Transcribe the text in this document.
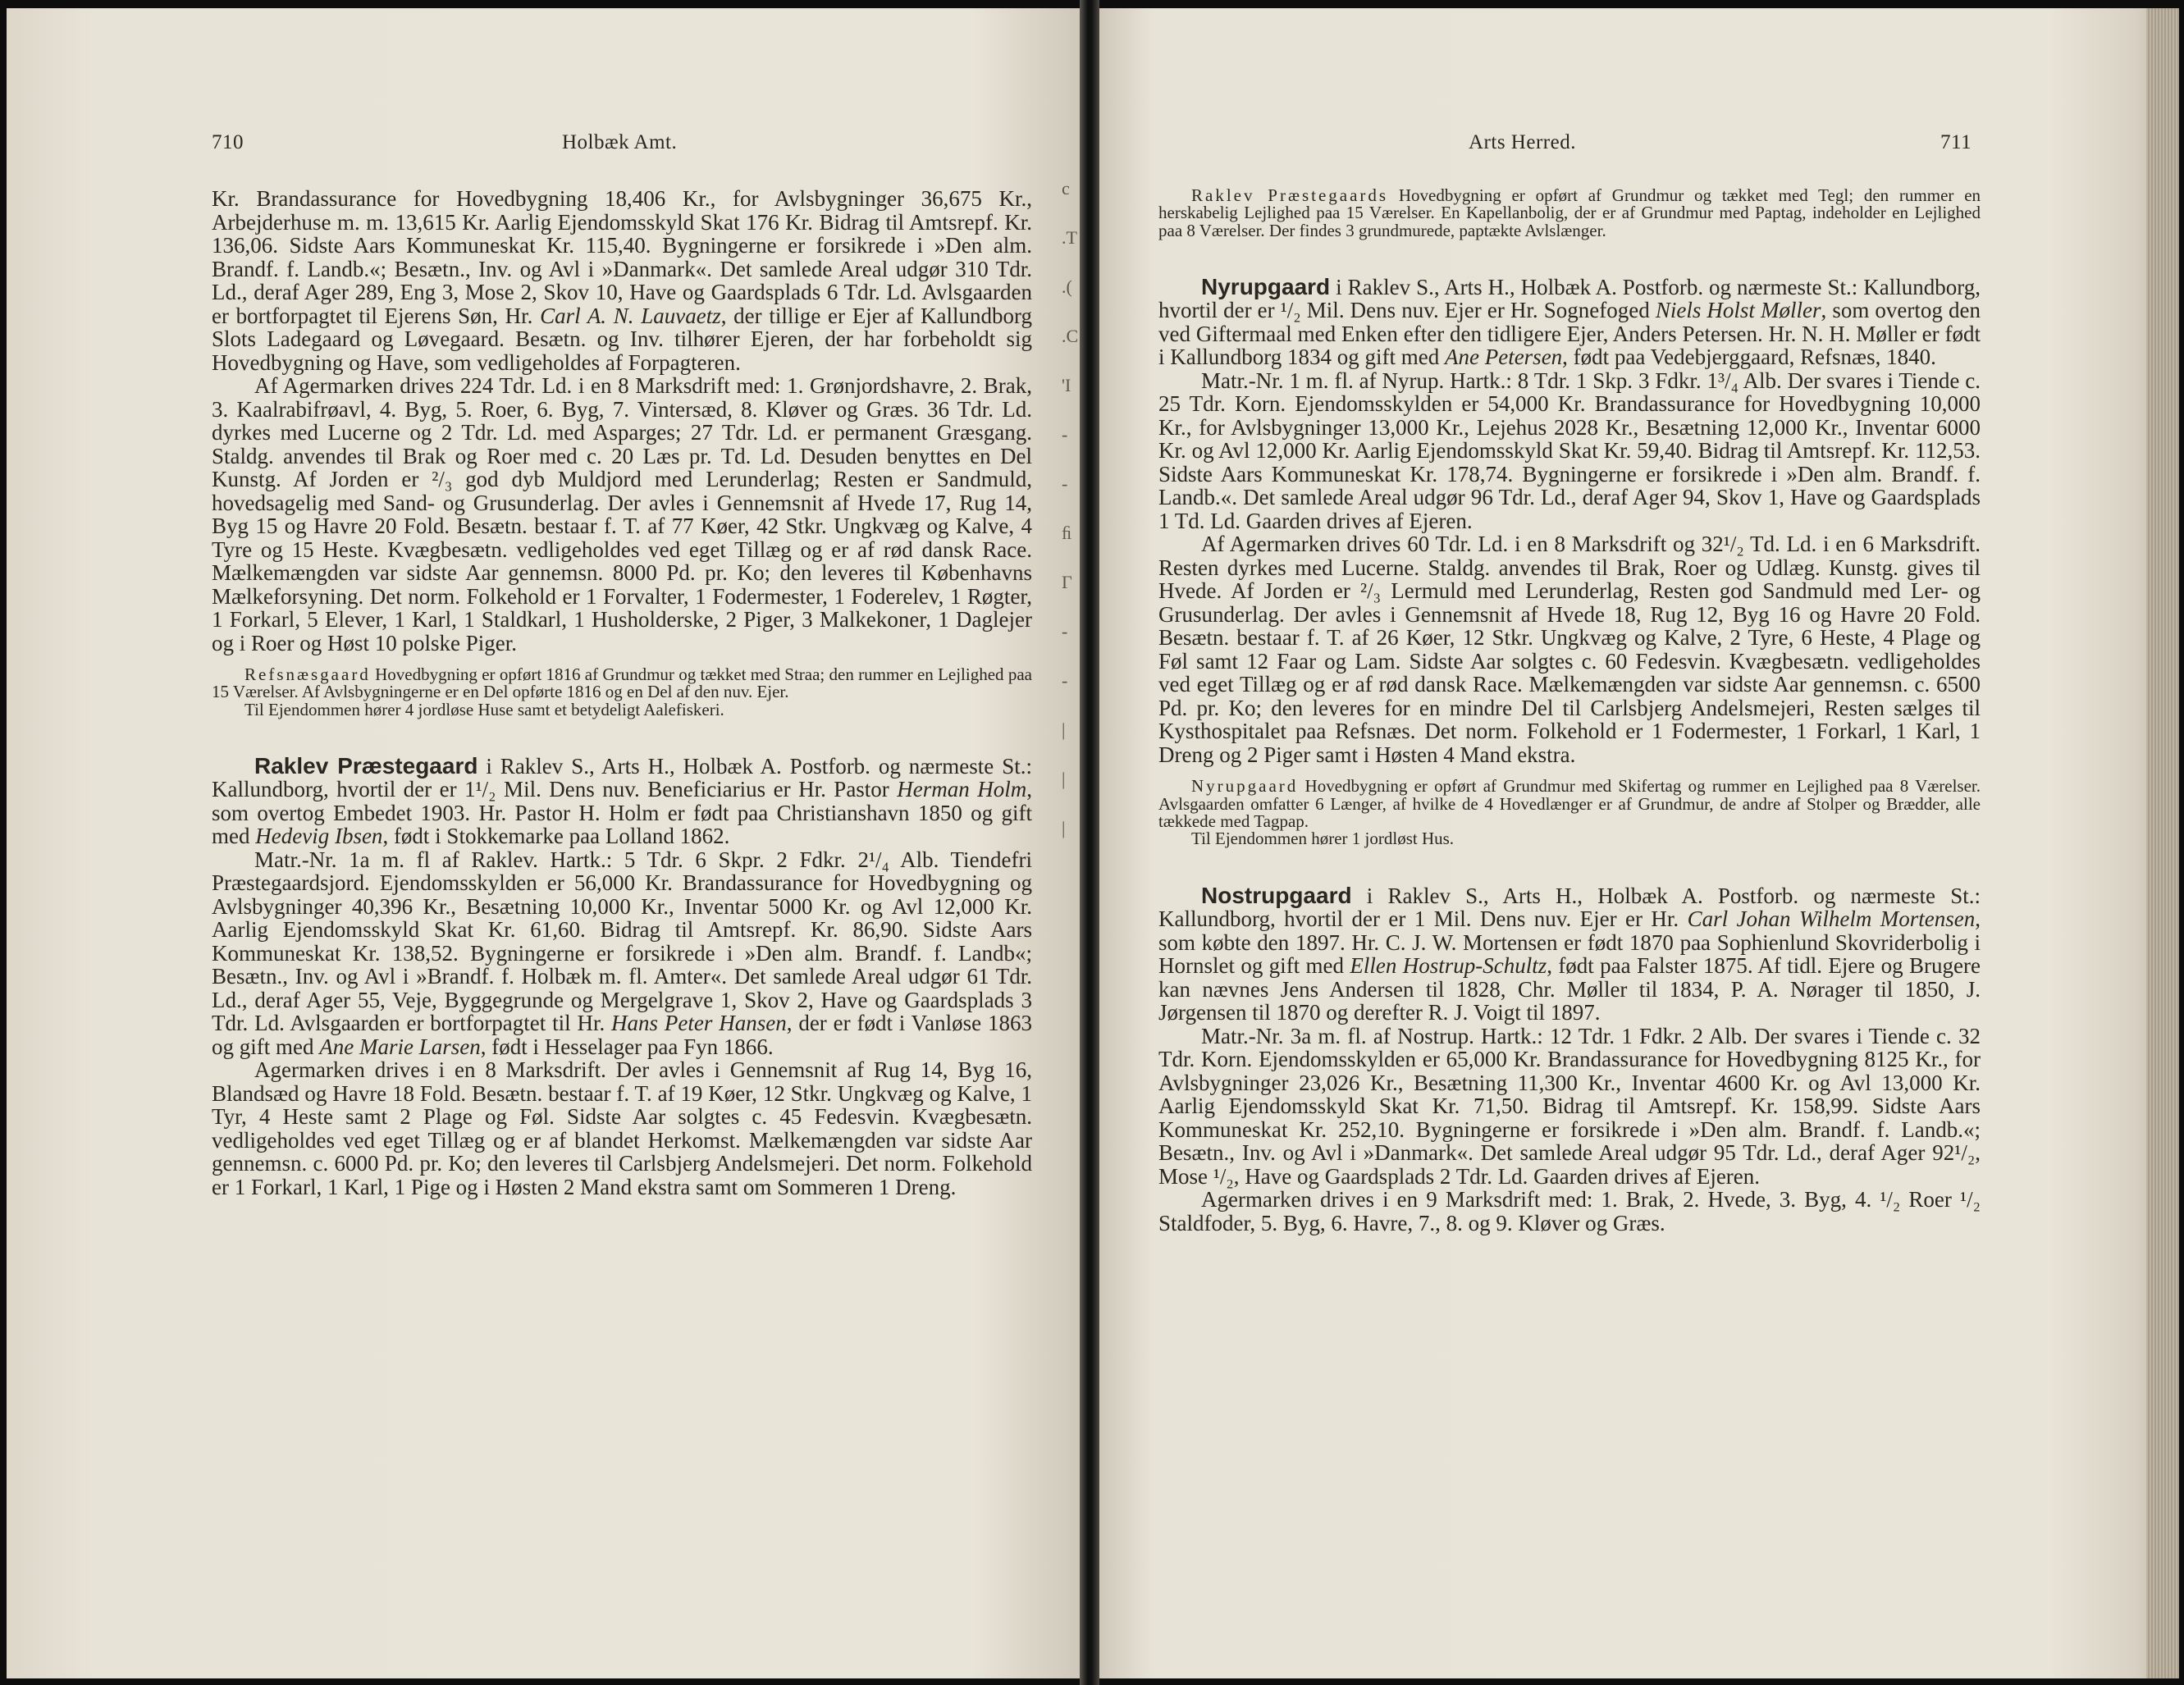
710	Holbæk Amt.

Kr. Brandassurance for Hovedbygning 18,406 Kr., for Avlsbygninger 36,675 Kr., Arbejderhuse m. m. 13,615 Kr. Aarlig Ejendomsskyld Skat 176 Kr. Bidrag til Amtsrepf. Kr. 136,06. Sidste Aars Kommuneskat Kr. 115,40. Bygningerne er forsikrede i »Den alm. Brandf. f. Landb.«; Besætn., Inv. og Avl i »Danmark«. Det samlede Areal udgør 310 Tdr. Ld., deraf Ager 289, Eng 3, Mose 2, Skov 10, Have og Gaardsplads 6 Tdr. Ld. Avlsgaarden er bortforpagtet til Ejerens Søn, Hr. Carl A. N. Lauvaetz, der tillige er Ejer af Kallundborg Slots Ladegaard og Løvegaard. Besætn. og Inv. tilhører Ejeren, der har forbeholdt sig Hovedbygning og Have, som vedligeholdes af Forpagteren.

Af Agermarken drives 224 Tdr. Ld. i en 8 Marksdrift med: 1. Grønjordshavre, 2. Brak, 3. Kaalrabifrøavl, 4. Byg, 5. Roer, 6. Byg, 7. Vintersæd, 8. Kløver og Græs. 36 Tdr. Ld. dyrkes med Lucerne og 2 Tdr. Ld. med Asparges; 27 Tdr. Ld. er permanent Græsgang. Staldg. anvendes til Brak og Roer med c. 20 Læs pr. Td. Ld. Desuden benyttes en Del Kunstg. Af Jorden er ²/₃ god dyb Muldjord med Lerunderlag; Resten er Sandmuld, hovedsagelig med Sand- og Grusunderlag. Der avles i Gennemsnit af Hvede 17, Rug 14, Byg 15 og Havre 20 Fold. Besætn. bestaar f. T. af 77 Køer, 42 Stkr. Ungkvæg og Kalve, 4 Tyre og 15 Heste. Kvægbesætn. vedligeholdes ved eget Tillæg og er af rød dansk Race. Mælkemængden var sidste Aar gennemsn. 8000 Pd. pr. Ko; den leveres til Københavns Mælkeforsyning. Det norm. Folkehold er 1 Forvalter, 1 Fodermester, 1 Foderelev, 1 Røgter, 1 Forkarl, 5 Elever, 1 Karl, 1 Staldkarl, 1 Husholderske, 2 Piger, 3 Malkekoner, 1 Daglejer og i Roer og Høst 10 polske Piger.

Refsnæsgaard Hovedbygning er opført 1816 af Grundmur og tækket med Straa; den rummer en Lejlighed paa 15 Værelser. Af Avlsbygningerne er en Del opførte 1816 og en Del af den nuv. Ejer.

Til Ejendommen hører 4 jordløse Huse samt et betydeligt Aalefiskeri.

Raklev Præstegaard i Raklev S., Arts H., Holbæk A. Postforb. og nærmeste St.: Kallundborg, hvortil der er 1¹/₂ Mil. Dens nuv. Beneficiarius er Hr. Pastor Herman Holm, som overtog Embedet 1903. Hr. Pastor H. Holm er født paa Christianshavn 1850 og gift med Hedevig Ibsen, født i Stokkemarke paa Lolland 1862.

Matr.-Nr. 1a m. fl af Raklev. Hartk.: 5 Tdr. 6 Skpr. 2 Fdkr. 2¹/₄ Alb. Tiendefri Præstegaardsjord. Ejendomsskylden er 56,000 Kr. Brandassurance for Hovedbygning og Avlsbygninger 40,396 Kr., Besætning 10,000 Kr., Inventar 5000 Kr. og Avl 12,000 Kr. Aarlig Ejendomsskyld Skat Kr. 61,60. Bidrag til Amtsrepf. Kr. 86,90. Sidste Aars Kommuneskat Kr. 138,52. Bygningerne er forsikrede i »Den alm. Brandf. f. Landb«; Besætn., Inv. og Avl i »Brandf. f. Holbæk m. fl. Amter«. Det samlede Areal udgør 61 Tdr. Ld., deraf Ager 55, Veje, Byggegrunde og Mergelgrave 1, Skov 2, Have og Gaardsplads 3 Tdr. Ld. Avlsgaarden er bortforpagtet til Hr. Hans Peter Hansen, der er født i Vanløse 1863 og gift med Ane Marie Larsen, født i Hesselager paa Fyn 1866.

Agermarken drives i en 8 Marksdrift. Der avles i Gennemsnit af Rug 14, Byg 16, Blandsæd og Havre 18 Fold. Besætn. bestaar f. T. af 19 Køer, 12 Stkr. Ungkvæg og Kalve, 1 Tyr, 4 Heste samt 2 Plage og Føl. Sidste Aar solgtes c. 45 Fedesvin. Kvægbesætn. vedligeholdes ved eget Tillæg og er af blandet Herkomst. Mælkemængden var sidste Aar gennemsn. c. 6000 Pd. pr. Ko; den leveres til Carlsbjerg Andelsmejeri. Det norm. Folkehold er 1 Forkarl, 1 Karl, 1 Pige og i Høsten 2 Mand ekstra samt om Sommeren 1 Dreng.

c
.T
.(
.C
'I
-
-
ﬁ
Γ
-
-
|
|
|
Arts Herred.	711

Raklev Præstegaards Hovedbygning er opført af Grundmur og tækket med Tegl; den rummer en herskabelig Lejlighed paa 15 Værelser. En Kapellanbolig, der er af Grundmur med Paptag, indeholder en Lejlighed paa 8 Værelser. Der findes 3 grundmurede, paptækte Avlslænger.

Nyrupgaard i Raklev S., Arts H., Holbæk A. Postforb. og nærmeste St.: Kallundborg, hvortil der er ¹/₂ Mil. Dens nuv. Ejer er Hr. Sognefoged Niels Holst Møller, som overtog den ved Giftermaal med Enken efter den tidligere Ejer, Anders Petersen. Hr. N. H. Møller er født i Kallundborg 1834 og gift med Ane Petersen, født paa Vedebjerggaard, Refsnæs, 1840.

Matr.-Nr. 1 m. fl. af Nyrup. Hartk.: 8 Tdr. 1 Skp. 3 Fdkr. 1³/₄ Alb. Der svares i Tiende c. 25 Tdr. Korn. Ejendomsskylden er 54,000 Kr. Brandassurance for Hovedbygning 10,000 Kr., for Avlsbygninger 13,000 Kr., Lejehus 2028 Kr., Besætning 12,000 Kr., Inventar 6000 Kr. og Avl 12,000 Kr. Aarlig Ejendomsskyld Skat Kr. 59,40. Bidrag til Amtsrepf. Kr. 112,53. Sidste Aars Kommuneskat Kr. 178,74. Bygningerne er forsikrede i »Den alm. Brandf. f. Landb.«. Det samlede Areal udgør 96 Tdr. Ld., deraf Ager 94, Skov 1, Have og Gaardsplads 1 Td. Ld. Gaarden drives af Ejeren.

Af Agermarken drives 60 Tdr. Ld. i en 8 Marksdrift og 32¹/₂ Td. Ld. i en 6 Marksdrift. Resten dyrkes med Lucerne. Staldg. anvendes til Brak, Roer og Udlæg. Kunstg. gives til Hvede. Af Jorden er ²/₃ Lermuld med Lerunderlag, Resten god Sandmuld med Ler- og Grusunderlag. Der avles i Gennemsnit af Hvede 18, Rug 12, Byg 16 og Havre 20 Fold. Besætn. bestaar f. T. af 26 Køer, 12 Stkr. Ungkvæg og Kalve, 2 Tyre, 6 Heste, 4 Plage og Føl samt 12 Faar og Lam. Sidste Aar solgtes c. 60 Fedesvin. Kvægbesætn. vedligeholdes ved eget Tillæg og er af rød dansk Race. Mælkemængden var sidste Aar gennemsn. c. 6500 Pd. pr. Ko; den leveres for en mindre Del til Carlsbjerg Andelsmejeri, Resten sælges til Kysthospitalet paa Refsnæs. Det norm. Folkehold er 1 Fodermester, 1 Forkarl, 1 Karl, 1 Dreng og 2 Piger samt i Høsten 4 Mand ekstra.

Nyrupgaard Hovedbygning er opført af Grundmur med Skifertag og rummer en Lejlighed paa 8 Værelser. Avlsgaarden omfatter 6 Længer, af hvilke de 4 Hovedlænger er af Grundmur, de andre af Stolper og Brædder, alle tækkede med Tagpap.

Til Ejendommen hører 1 jordløst Hus.

Nostrupgaard i Raklev S., Arts H., Holbæk A. Postforb. og nærmeste St.: Kallundborg, hvortil der er 1 Mil. Dens nuv. Ejer er Hr. Carl Johan Wilhelm Mortensen, som købte den 1897. Hr. C. J. W. Mortensen er født 1870 paa Sophienlund Skovriderbolig i Hornslet og gift med Ellen Hostrup-Schultz, født paa Falster 1875. Af tidl. Ejere og Brugere kan nævnes Jens Andersen til 1828, Chr. Møller til 1834, P. A. Nørager til 1850, J. Jørgensen til 1870 og derefter R. J. Voigt til 1897.

Matr.-Nr. 3a m. fl. af Nostrup. Hartk.: 12 Tdr. 1 Fdkr. 2 Alb. Der svares i Tiende c. 32 Tdr. Korn. Ejendomsskylden er 65,000 Kr. Brandassurance for Hovedbygning 8125 Kr., for Avlsbygninger 23,026 Kr., Besætning 11,300 Kr., Inventar 4600 Kr. og Avl 13,000 Kr. Aarlig Ejendomsskyld Skat Kr. 71,50. Bidrag til Amtsrepf. Kr. 158,99. Sidste Aars Kommuneskat Kr. 252,10. Bygningerne er forsikrede i »Den alm. Brandf. f. Landb.«; Besætn., Inv. og Avl i »Danmark«. Det samlede Areal udgør 95 Tdr. Ld., deraf Ager 92¹/₂, Mose ¹/₂, Have og Gaardsplads 2 Tdr. Ld. Gaarden drives af Ejeren.

Agermarken drives i en 9 Marksdrift med: 1. Brak, 2. Hvede, 3. Byg, 4. ¹/₂ Roer ¹/₂ Staldfoder, 5. Byg, 6. Havre, 7., 8. og 9. Kløver og Græs.
